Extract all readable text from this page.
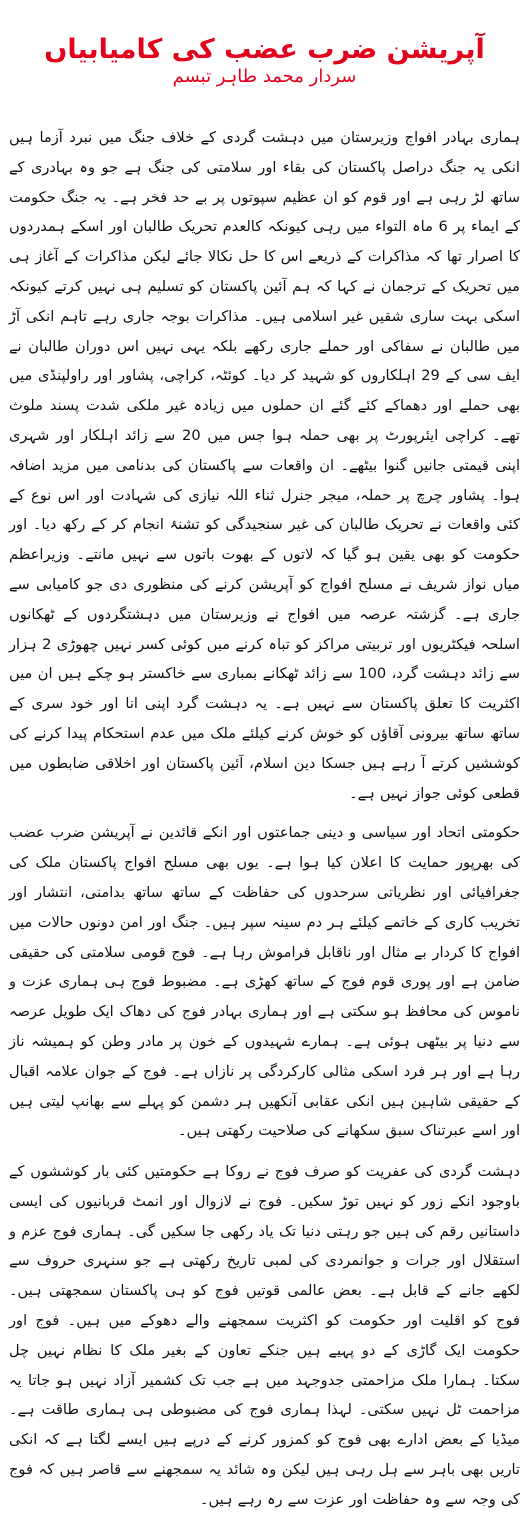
آپریشن ضرب عضب کی کامیابیاں
سردار محمد طاہر تبسم

ہماری بہادر افواج وزیرستان میں دہشت گردی کے خلاف جنگ میں نبرد آزما ہیں انکی یہ جنگ دراصل پاکستان کی بقاء اور سلامتی کی جنگ ہے جو وہ بہادری کے ساتھ لڑ رہی ہے اور قوم کو ان عظیم سپوتوں پر بے حد فخر ہے۔ یہ جنگ حکومت کے ایماء پر 6 ماہ التواء میں رہی کیونکہ کالعدم تحریک طالبان اور اسکے ہمدردوں کا اصرار تھا کہ مذاکرات کے ذریعے اس کا حل نکالا جائے لیکن مذاکرات کے آغاز ہی میں تحریک کے ترجمان نے کہا کہ ہم آئین پاکستان کو تسلیم ہی نہیں کرتے کیونکہ اسکی بہت ساری شقیں غیر اسلامی ہیں۔ مذاکرات بوجہ جاری رہے تاہم انکی آڑ میں طالبان نے سفاکی اور حملے جاری رکھے بلکہ یہی نہیں اس دوران طالبان نے ایف سی کے 29 اہلکاروں کو شہید کر دیا۔ کوئٹہ، کراچی، پشاور اور راولپنڈی میں بھی حملے اور دھماکے کئے گئے ان حملوں میں زیادہ غیر ملکی شدت پسند ملوث تھے۔ کراچی ایئرپورٹ پر بھی حملہ ہوا جس میں 20 سے زائد اہلکار اور شہری اپنی قیمتی جانیں گنوا بیٹھے۔ ان واقعات سے پاکستان کی بدنامی میں مزید اضافہ ہوا۔ پشاور چرچ پر حملہ، میجر جنرل ثناء اللہ نیازی کی شہادت اور اس نوع کے کئی واقعات نے تحریک طالبان کی غیر سنجیدگی کو تشنۂ انجام کر کے رکھ دیا۔ اور حکومت کو بھی یقین ہو گیا کہ لاتوں کے بھوت باتوں سے نہیں مانتے۔ وزیراعظم میاں نواز شریف نے مسلح افواج کو آپریشن کرنے کی منظوری دی جو کامیابی سے جاری ہے۔ گزشتہ عرصہ میں افواج نے وزیرستان میں دہشتگردوں کے ٹھکانوں اسلحہ فیکٹریوں اور تربیتی مراکز کو تباہ کرنے میں کوئی کسر نہیں چھوڑی 2 ہزار سے زائد دہشت گرد، 100 سے زائد ٹھکانے بمباری سے خاکستر ہو چکے ہیں ان میں اکثریت کا تعلق پاکستان سے نہیں ہے۔ یہ دہشت گرد اپنی انا اور خود سری کے ساتھ ساتھ بیرونی آقاؤں کو خوش کرنے کیلئے ملک میں عدم استحکام پیدا کرنے کی کوششیں کرتے آ رہے ہیں جسکا دین اسلام، آئین پاکستان اور اخلاقی ضابطوں میں قطعی کوئی جواز نہیں ہے۔

حکومتی اتحاد اور سیاسی و دینی جماعتوں اور انکے قائدین نے آپریشن ضرب عضب کی بھرپور حمایت کا اعلان کیا ہوا ہے۔ یوں بھی مسلح افواج پاکستان ملک کی جغرافیائی اور نظریاتی سرحدوں کی حفاظت کے ساتھ ساتھ بدامنی، انتشار اور تخریب کاری کے خاتمے کیلئے ہر دم سینہ سپر ہیں۔ جنگ اور امن دونوں حالات میں افواج کا کردار بے مثال اور ناقابل فراموش رہا ہے۔ فوج قومی سلامتی کی حقیقی ضامن ہے اور پوری قوم فوج کے ساتھ کھڑی ہے۔ مضبوط فوج ہی ہماری عزت و ناموس کی محافظ ہو سکتی ہے اور ہماری بہادر فوج کی دھاک ایک طویل عرصہ سے دنیا پر بیٹھی ہوئی ہے۔ ہمارے شہیدوں کے خون پر مادر وطن کو ہمیشہ ناز رہا ہے اور ہر فرد اسکی مثالی کارکردگی پر نازاں ہے۔ فوج کے جوان علامہ اقبال کے حقیقی شاہین ہیں انکی عقابی آنکھیں ہر دشمن کو پہلے سے بھانپ لیتی ہیں اور اسے عبرتناک سبق سکھانے کی صلاحیت رکھتی ہیں۔

دہشت گردی کی عفریت کو صرف فوج نے روکا ہے حکومتیں کئی بار کوششوں کے باوجود انکے زور کو نہیں توڑ سکیں۔ فوج نے لازوال اور انمٹ قربانیوں کی ایسی داستانیں رقم کی ہیں جو رہتی دنیا تک یاد رکھی جا سکیں گی۔ ہماری فوج عزم و استقلال اور جرات و جوانمردی کی لمبی تاریخ رکھتی ہے جو سنہری حروف سے لکھے جانے کے قابل ہے۔ بعض عالمی قوتیں فوج کو ہی پاکستان سمجھتی ہیں۔ فوج کو اقلیت اور حکومت کو اکثریت سمجھنے والے دھوکے میں ہیں۔ فوج اور حکومت ایک گاڑی کے دو پہیے ہیں جنکے تعاون کے بغیر ملک کا نظام نہیں چل سکتا۔ ہمارا ملک مزاحمتی جدوجہد میں ہے جب تک کشمیر آزاد نہیں ہو جاتا یہ مزاحمت ٹل نہیں سکتی۔ لہذا ہماری فوج کی مضبوطی ہی ہماری طاقت ہے۔ میڈیا کے بعض ادارے بھی فوج کو کمزور کرنے کے درپے ہیں ایسے لگتا ہے کہ انکی تاریں بھی باہر سے ہل رہی ہیں لیکن وہ شائد یہ سمجھنے سے قاصر ہیں کہ فوج کی وجہ سے وہ حفاظت اور عزت سے رہ رہے ہیں۔
